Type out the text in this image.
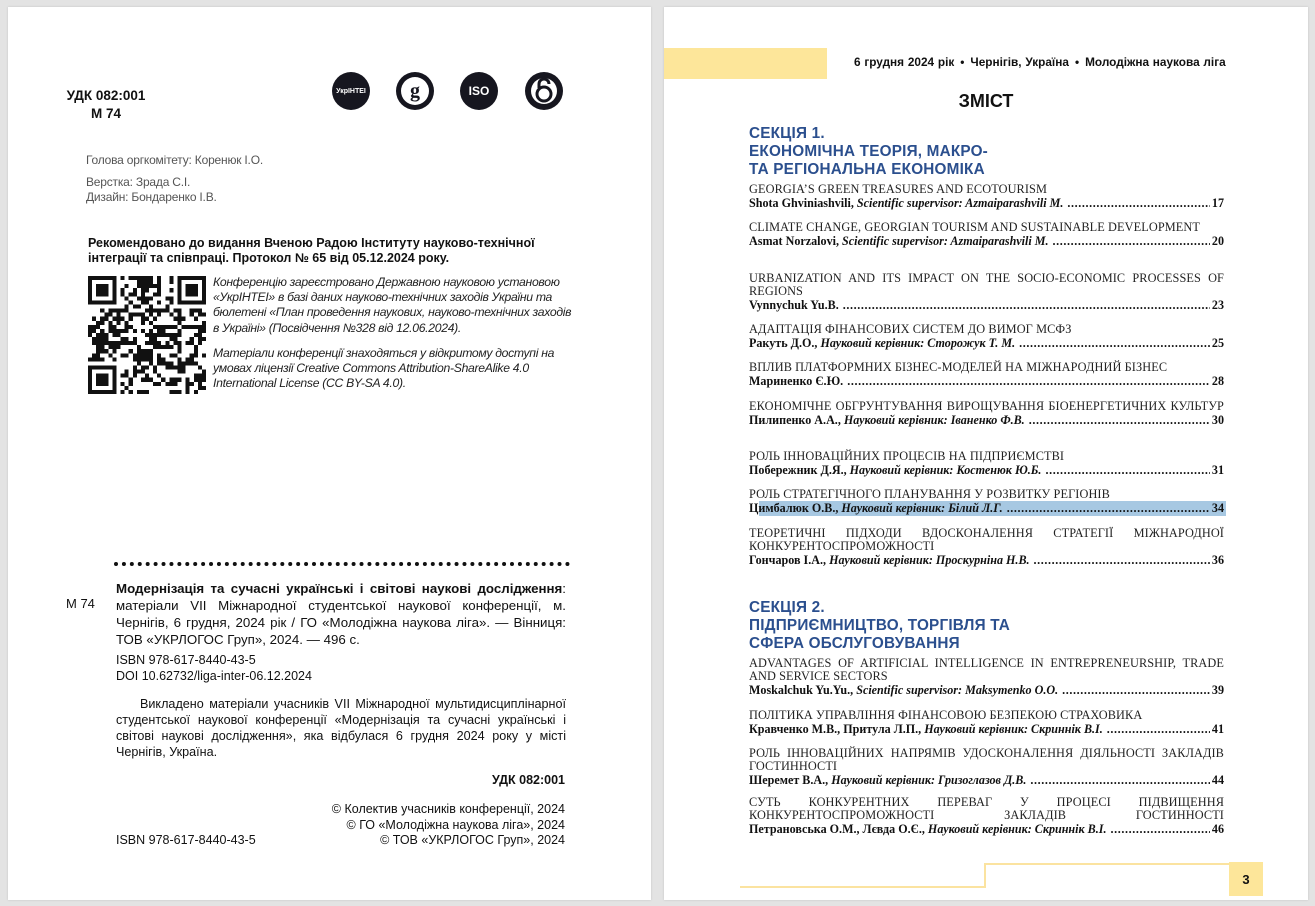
УДК 082:001
М 74
УкрІНТЕІ g	ISO
Голова оргкомітету: Коренюк І.О.
Верстка: Зрада С.І.
Дизайн: Бондаренко І.В.
Рекомендовано до видання Вченою Радою Інституту науково-технічної інтеграції та співпраці. Протокол № 65 від 05.12.2024 року.

Конференцію зареєстровано Державною науковою установою «УкрІНТЕІ» в базі даних науково-технічних заходів України та бюлетені «План проведення наукових, науково-технічних заходів в Україні» (Посвідчення №328 від 12.06.2024).

Матеріали конференції знаходяться у відкритому доступі на умовах ліцензії Creative Commons Attribution-ShareAlike 4.0 International License (CC BY-SA 4.0).

М 74
Модернізація та сучасні українські і світові наукові дослідження: матеріали VII Міжнародної студентської наукової конференції, м. Чернігів, 6 грудня, 2024 рік / ГО «Молодіжна наукова ліга». — Вінниця: ТОВ «УКРЛОГОС Груп», 2024. — 496 с.
ISBN 978-617-8440-43-5
DOI 10.62732/liga-inter-06.12.2024
Викладено матеріали учасників VII Міжнародної мультидисциплінарної студентської наукової конференції «Модернізація та сучасні українські і світові наукові дослідження», яка відбулася 6 грудня 2024 року у місті Чернігів, Україна.
УДК 082:001
© Колектив учасників конференції, 2024
© ГО «Молодіжна наукова ліга», 2024
© ТОВ «УКРЛОГОС Груп», 2024
ISBN 978-617-8440-43-5
6 грудня 2024 рік • Чернігів, Україна • Молодіжна наукова ліга
ЗМІСТ
СЕКЦІЯ 1.
ЕКОНОМІЧНА ТЕОРІЯ, МАКРО-
ТА РЕГІОНАЛЬНА ЕКОНОМІКА
GEORGIA’S GREEN TREASURES AND ECOTOURISM
Shota Ghviniashvili, Scientific supervisor: Azmaiparashvili M. .....	17
CLIMATE CHANGE, GEORGIAN TOURISM AND SUSTAINABLE DEVELOPMENT
Asmat Norzalovi, Scientific supervisor: Azmaiparashvili M. .....	20
URBANIZATION AND ITS IMPACT ON THE SOCIO-ECONOMIC PROCESSES OF REGIONS
Vynnychuk Yu.B. .....	23
АДАПТАЦІЯ ФІНАНСОВИХ СИСТЕМ ДО ВИМОГ МСФЗ
Ракуть Д.О., Науковий керівник: Сторожук Т. М. .....	25
ВПЛИВ ПЛАТФОРМНИХ БІЗНЕС-МОДЕЛЕЙ НА МІЖНАРОДНИЙ БІЗНЕС
Мариненко Є.Ю. .....	28
ЕКОНОМІЧНЕ ОБГРУНТУВАННЯ ВИРОЩУВАННЯ БІОЕНЕРГЕТИЧНИХ КУЛЬТУР
Пилипенко А.А., Науковий керівник: Іваненко Ф.В. .....	30
РОЛЬ ІННОВАЦІЙНИХ ПРОЦЕСІВ НА ПІДПРИЄМСТВІ
Побережник Д.Я., Науковий керівник: Костенюк Ю.Б. .....	31
РОЛЬ СТРАТЕГІЧНОГО ПЛАНУВАННЯ У РОЗВИТКУ РЕГІОНІВ
Цимбалюк О.В., Науковий керівник: Білий Л.Г. .....	34
ТЕОРЕТИЧНІ ПІДХОДИ ВДОСКОНАЛЕННЯ СТРАТЕГІЇ МІЖНАРОДНОЇ КОНКУРЕНТОСПРОМОЖНОСТІ
Гончаров І.А., Науковий керівник: Проскурніна Н.В. .....	36
СЕКЦІЯ 2.
ПІДПРИЄМНИЦТВО, ТОРГІВЛЯ ТА
СФЕРА ОБСЛУГОВУВАННЯ
ADVANTAGES OF ARTIFICIAL INTELLIGENCE IN ENTREPRENEURSHIP, TRADE AND SERVICE SECTORS
Moskalchuk Yu.Yu., Scientific supervisor: Maksymenko O.O. .....	39
ПОЛІТИКА УПРАВЛІННЯ ФІНАНСОВОЮ БЕЗПЕКОЮ СТРАХОВИКА
Кравченко М.В., Притула Л.П., Науковий керівник: Скриннік В.І. .....	41
РОЛЬ ІННОВАЦІЙНИХ НАПРЯМІВ УДОСКОНАЛЕННЯ ДІЯЛЬНОСТІ ЗАКЛАДІВ ГОСТИННОСТІ
Шеремет В.А., Науковий керівник: Гризоглазов Д.В. .....	44
СУТЬ КОНКУРЕНТНИХ ПЕРЕВАГ У ПРОЦЕСІ ПІДВИЩЕННЯ КОНКУРЕНТОСПРОМОЖНОСТІ ЗАКЛАДІВ ГОСТИННОСТІ
Петрановська О.М., Лєвда О.Є., Науковий керівник: Скриннік В.І. .....	46
3
